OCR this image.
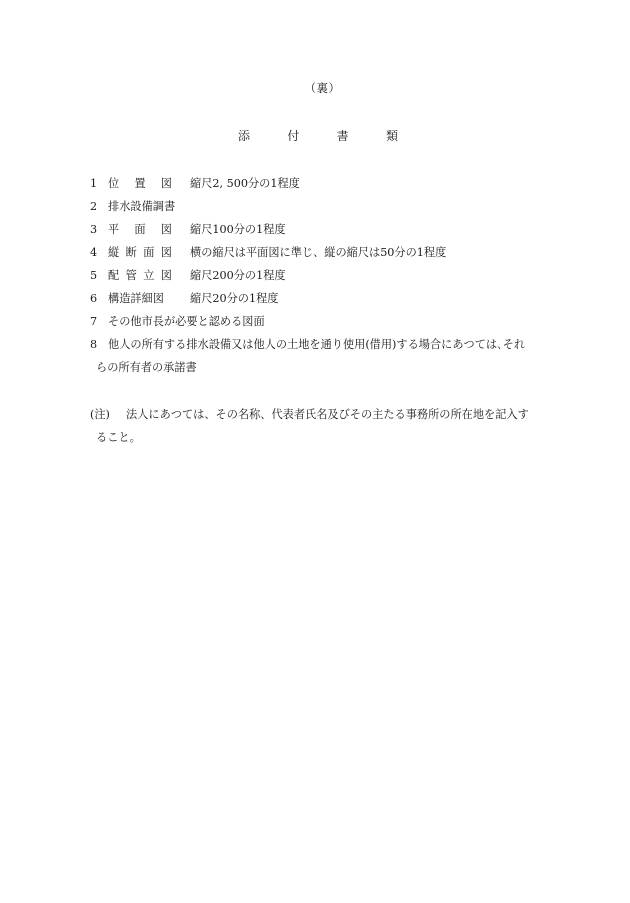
（裏）
添	付	書	類
1 位 置 図 縮尺2, 500分の1程度
2 排水設備調書
3 平 面 図 縮尺100分の1程度
4 縦 断 面 図 横の縮尺は平面図に準じ、縦の縮尺は50分の1程度
5 配 管 立 図 縮尺200分の1程度
6 構造詳細図	縮尺20分の1程度
7 その他市長が必要と認める図面
8 他人の所有する排水設備又は他人の土地を通り使用(借用)する場合にあつては､それ
らの所有者の承諾書
(注)	法人にあつては、その名称、代表者氏名及びその主たる事務所の所在地を記入す
ること。
